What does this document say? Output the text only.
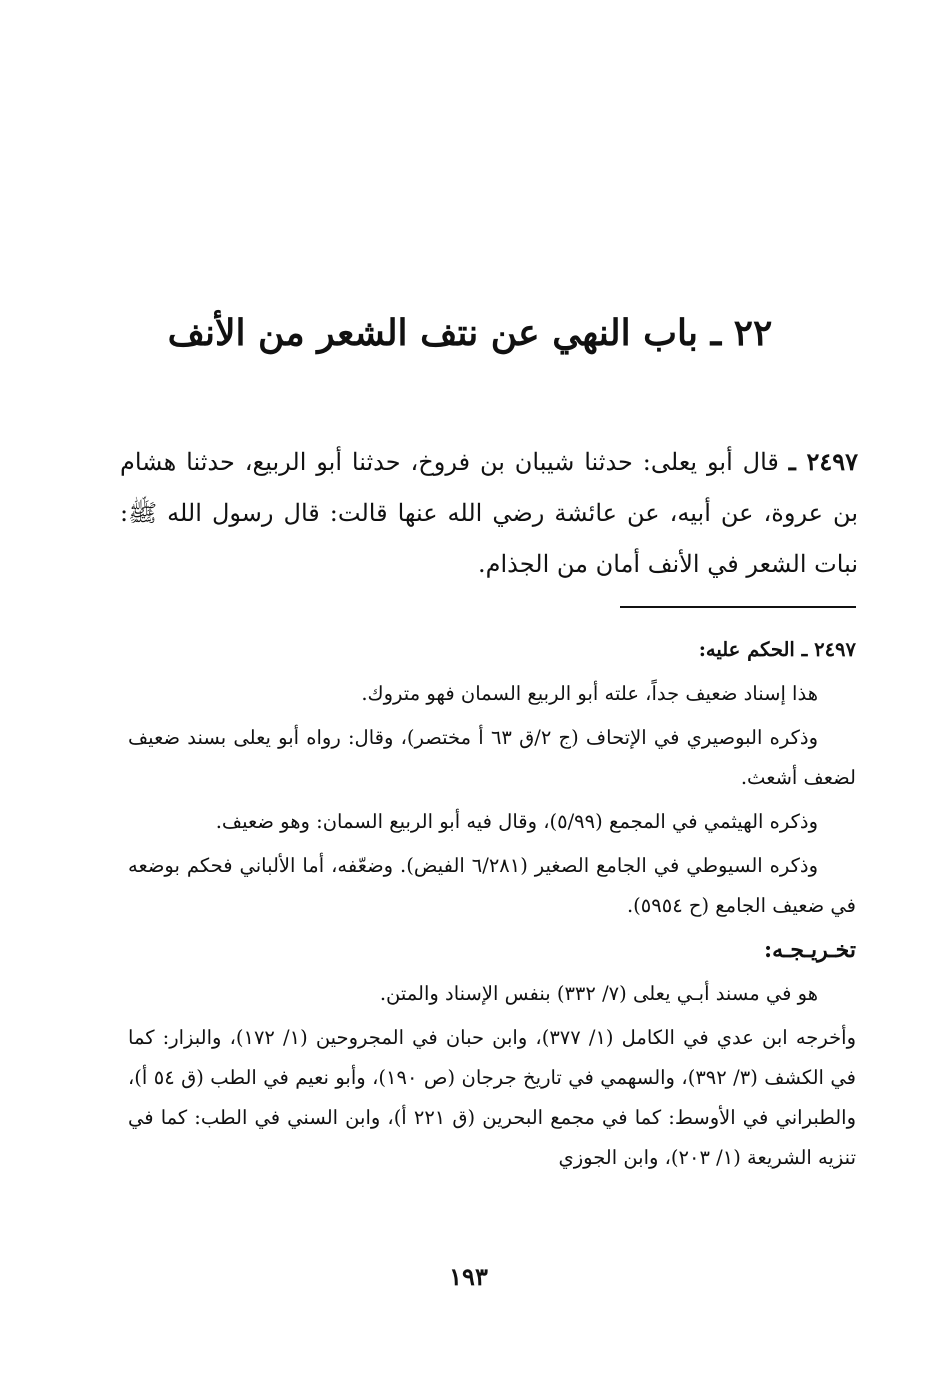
٢٢ ـ باب النهي عن نتف الشعر من الأنف

٢٤٩٧ ـ قال أبو يعلى: حدثنا شيبان بن فروخ، حدثنا أبو الربيع، حدثنا هشام بن عروة، عن أبيه، عن عائشة رضي الله عنها قالت: قال رسول الله ﷺ: نبات الشعر في الأنف أمان من الجذام.

٢٤٩٧ ـ الحكم عليه:

هذا إسناد ضعيف جداً، علته أبو الربيع السمان فهو متروك.

وذكره البوصيري في الإتحاف (ج ٢/ق ٦٣ أ مختصر)، وقال: رواه أبو يعلى بسند ضعيف لضعف أشعث.

وذكره الهيثمي في المجمع (٥/٩٩)، وقال فيه أبو الربيع السمان: وهو ضعيف.

وذكره السيوطي في الجامع الصغير (٦/٢٨١ الفيض). وضعّفه، أما الألباني فحكم بوضعه في ضعيف الجامع (ح ٥٩٥٤).

تخـريـجـه:

هو في مسند أبـي يعلى (٧/ ٣٣٢) بنفس الإسناد والمتن.

وأخرجه ابن عدي في الكامل (١/ ٣٧٧)، وابن حبان في المجروحين (١/ ١٧٢)، والبزار: كما في الكشف (٣/ ٣٩٢)، والسهمي في تاريخ جرجان (ص ١٩٠)، وأبو نعيم في الطب (ق ٥٤ أ)، والطبراني في الأوسط: كما في مجمع البحرين (ق ٢٢١ أ)، وابن السني في الطب: كما في تنزيه الشريعة (١/ ٢٠٣)، وابن الجوزي

١٩٣
